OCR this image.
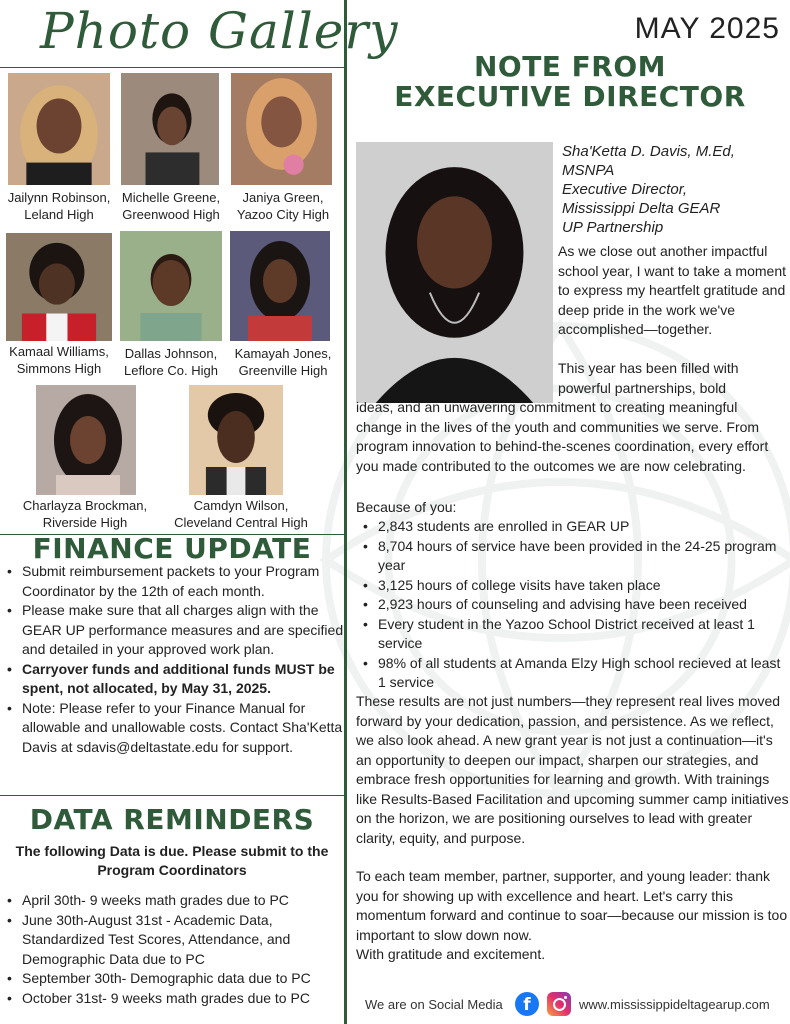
Photo Gallery
Jailynn Robinson,
Leland High
Michelle Greene,
Greenwood High
Janiya Green,
Yazoo City High
Kamaal Williams,
Simmons High
Dallas Johnson,
Leflore Co. High
Kamayah Jones,
Greenville High
Charlayza Brockman,
Riverside High
Camdyn Wilson,
Cleveland Central High
FINANCE UPDATE
• Submit reimbursement packets to your Program Coordinator by the 12th of each month.
• Please make sure that all charges align with the GEAR UP performance measures and are specified and detailed in your approved work plan.
• Carryover funds and additional funds MUST be spent, not allocated, by May 31, 2025.
• Note: Please refer to your Finance Manual for allowable and unallowable costs. Contact Sha'Ketta Davis at sdavis@deltastate.edu for support.
DATA REMINDERS
The following Data is due. Please submit to the Program Coordinators
• April 30th- 9 weeks math grades due to PC
• June 30th-August 31st - Academic Data, Standardized Test Scores, Attendance, and Demographic Data due to PC
• September 30th- Demographic data due to PC
• October 31st- 9 weeks math grades due to PC
MAY 2025
NOTE FROM
EXECUTIVE DIRECTOR
Sha'Ketta D. Davis, M.Ed,
MSNPA
Executive Director,
Mississippi Delta GEAR
UP Partnership
As we close out another impactful school year, I want to take a moment to express my heartfelt gratitude and deep pride in the work we've accomplished—together.
This year has been filled with powerful partnerships, bold
ideas, and an unwavering commitment to creating meaningful change in the lives of the youth and communities we serve. From program innovation to behind-the-scenes coordination, every effort you made contributed to the outcomes we are now celebrating.
Because of you:
• 2,843 students are enrolled in GEAR UP
• 8,704 hours of service have been provided in the 24-25 program year
• 3,125 hours of college visits have taken place
• 2,923 hours of counseling and advising have been received
• Every student in the Yazoo School District received at least 1 service
• 98% of all students at Amanda Elzy High school recieved at least 1 service
These results are not just numbers—they represent real lives moved forward by your dedication, passion, and persistence. As we reflect, we also look ahead. A new grant year is not just a continuation—it's an opportunity to deepen our impact, sharpen our strategies, and embrace fresh opportunities for learning and growth. With trainings like Results-Based Facilitation and upcoming summer camp initiatives on the horizon, we are positioning ourselves to lead with greater clarity, equity, and purpose.
To each team member, partner, supporter, and young leader: thank you for showing up with excellence and heart. Let's carry this momentum forward and continue to soar—because our mission is too important to slow down now.
With gratitude and excitement.
We are on Social Media	f	www.mississippideltagearup.com
